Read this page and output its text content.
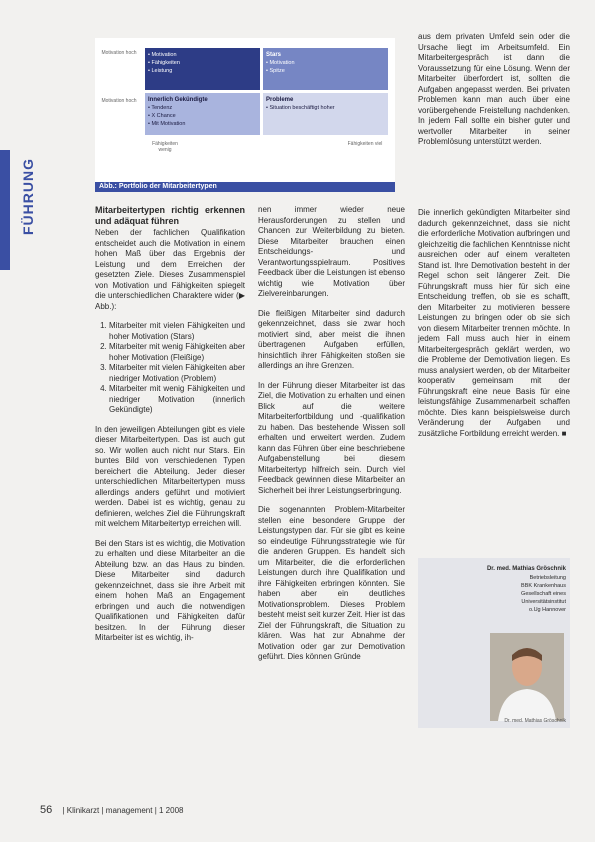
FÜHRUNG
Motivation hoch
Motivation hoch
• Motivation
• Fähigkeiten
• Leistung
Stars
• Motivation
• Spitze
Innerlich Gekündigte
• Tendenz
• X Chance
• Mit Motivation
Probleme
• Situation beschäftigt hoher
Fähigkeiten wenig
Fähigkeiten viel
Abb.: Portfolio der Mitarbeitertypen
Mitarbeitertypen richtig erkennen und adäquat führen

Neben der fachlichen Qualifikation entscheidet auch die Motivation in einem hohen Maß über das Ergebnis der Leistung und dem Erreichen der gesetzten Ziele. Dieses Zusammenspiel von Motivation und Fähigkeiten spiegelt die unterschiedlichen Charaktere wider (▶ Abb.):

1. Mitarbeiter mit vielen Fähigkeiten und hoher Motivation (Stars)
2. Mitarbeiter mit wenig Fähigkeiten aber hoher Motivation (Fleißige)
3. Mitarbeiter mit vielen Fähigkeiten aber niedriger Motivation (Problem)
4. Mitarbeiter mit wenig Fähigkeiten und niedriger Motivation (innerlich Gekündigte)

In den jeweiligen Abteilungen gibt es viele dieser Mitarbeitertypen. Das ist auch gut so. Wir wollen auch nicht nur Stars. Ein buntes Bild von verschiedenen Typen bereichert die Abteilung. Jeder dieser unterschiedlichen Mitarbeitertypen muss allerdings anders geführt und motiviert werden. Dabei ist es wichtig, genau zu definieren, welches Ziel die Führungskraft mit welchem Mitarbeitertyp erreichen will.

Bei den Stars ist es wichtig, die Motivation zu erhalten und diese Mitarbeiter an die Abteilung bzw. an das Haus zu binden. Diese Mitarbeiter sind dadurch gekennzeichnet, dass sie ihre Arbeit mit einem hohen Maß an Engagement erbringen und auch die notwendigen Qualifikationen und Fähigkeiten dafür besitzen. In der Führung dieser Mitarbeiter ist es wichtig, ih-

nen immer wieder neue Herausforderungen zu stellen und Chancen zur Weiterbildung zu bieten. Diese Mitarbeiter brauchen einen Entscheidungs- und Verantwortungsspielraum. Positives Feedback über die Leistungen ist ebenso wichtig wie Motivation über Zielvereinbarungen.

Die fleißigen Mitarbeiter sind dadurch gekennzeichnet, dass sie zwar hoch motiviert sind, aber meist die ihnen übertragenen Aufgaben erfüllen, hinsichtlich ihrer Fähigkeiten stoßen sie allerdings an ihre Grenzen.

In der Führung dieser Mitarbeiter ist das Ziel, die Motivation zu erhalten und einen Blick auf die weitere Mitarbeiterfortbildung und -qualifikation zu haben. Das bestehende Wissen soll erhalten und erweitert werden. Zudem kann das Führen über eine beschriebene Aufgabenstellung bei diesem Mitarbeitertyp hilfreich sein. Durch viel Feedback gewinnen diese Mitarbeiter an Sicherheit bei ihrer Leistungserbringung.

Die sogenannten Problem-Mitarbeiter stellen eine besondere Gruppe der Leistungstypen dar. Für sie gibt es keine so eindeutige Führungsstrategie wie für die anderen Gruppen. Es handelt sich um Mitarbeiter, die die erforderlichen Leistungen durch ihre Qualifikation und ihre Fähigkeiten erbringen könnten. Sie haben aber ein deutliches Motivationsproblem. Dieses Problem besteht meist seit kurzer Zeit. Hier ist das Ziel der Führungskraft, die Situation zu klären. Was hat zur Abnahme der Motivation oder gar zur Demotivation geführt. Dies können Gründe

aus dem privaten Umfeld sein oder die Ursache liegt im Arbeitsumfeld. Ein Mitarbeitergespräch ist dann die Voraussetzung für eine Lösung. Wenn der Mitarbeiter überfordert ist, sollten die Aufgaben angepasst werden. Bei privaten Problemen kann man auch über eine vorübergehende Freistellung nachdenken. In jedem Fall sollte ein bisher guter und wertvoller Mitarbeiter in seiner Problemlösung unterstützt werden.

Die innerlich gekündigten Mitarbeiter sind dadurch gekennzeichnet, dass sie nicht die erforderliche Motivation aufbringen und gleichzeitig die fachlichen Kenntnisse nicht ausreichen oder auf einem veralteten Stand ist. Ihre Demotivation besteht in der Regel schon seit längerer Zeit. Die Führungskraft muss hier für sich eine Entscheidung treffen, ob sie es schafft, den Mitarbeiter zu motivieren bessere Leistungen zu bringen oder ob sie sich von diesem Mitarbeiter trennen möchte. In jedem Fall muss auch hier in einem Mitarbeitergespräch geklärt werden, wo die Probleme der Demotivation liegen. Es muss analysiert werden, ob der Mitarbeiter kooperativ gemeinsam mit der Führungskraft eine neue Basis für eine leistungsfähige Zusammenarbeit schaffen möchte. Dies kann beispielsweise durch Veränderung der Aufgaben und zusätzliche Fortbildung erreicht werden. ■

Dr. med. Mathias Gröschnik
Betriebsleitung
BBK Krankenhaus
Gesellschaft eines
Universitätsinstitut
o.Ug Hannover
Dr. med. Mathias Gröschnik
56 | Klinikarzt | management | 1 2008
